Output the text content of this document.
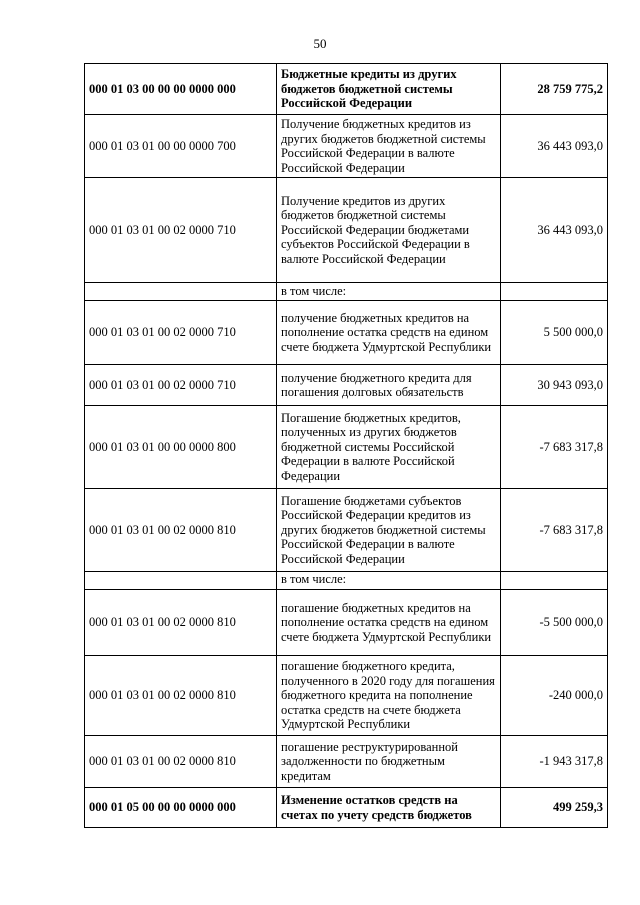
50
000 01 03 00 00 00 0000 000	Бюджетные кредиты из других бюджетов бюджетной системы Российской Федерации	28 759 775,2
000 01 03 01 00 00 0000 700	Получение бюджетных кредитов из других бюджетов бюджетной системы Российской Федерации в валюте Российской Федерации	36 443 093,0
000 01 03 01 00 02 0000 710	Получение кредитов из других бюджетов бюджетной системы Российской Федерации бюджетами субъектов Российской Федерации в валюте Российской Федерации	36 443 093,0
	в том числе:	
000 01 03 01 00 02 0000 710	получение бюджетных кредитов на пополнение остатка средств на едином счете бюджета Удмуртской Республики	5 500 000,0
000 01 03 01 00 02 0000 710	получение бюджетного кредита для погашения долговых обязательств	30 943 093,0
000 01 03 01 00 00 0000 800	Погашение бюджетных кредитов, полученных из других бюджетов бюджетной системы Российской Федерации в валюте Российской Федерации	-7 683 317,8
000 01 03 01 00 02 0000 810	Погашение бюджетами субъектов Российской Федерации кредитов из других бюджетов бюджетной системы Российской Федерации в валюте Российской Федерации	-7 683 317,8
	в том числе:	
000 01 03 01 00 02 0000 810	погашение бюджетных кредитов на пополнение остатка средств на едином счете бюджета Удмуртской Республики	-5 500 000,0
000 01 03 01 00 02 0000 810	погашение бюджетного кредита, полученного в 2020 году для погашения бюджетного кредита на пополнение остатка средств на счете бюджета Удмуртской Республики	-240 000,0
000 01 03 01 00 02 0000 810	погашение реструктурированной задолженности по бюджетным кредитам	-1 943 317,8
000 01 05 00 00 00 0000 000	Изменение остатков средств на счетах по учету средств бюджетов	499 259,3
